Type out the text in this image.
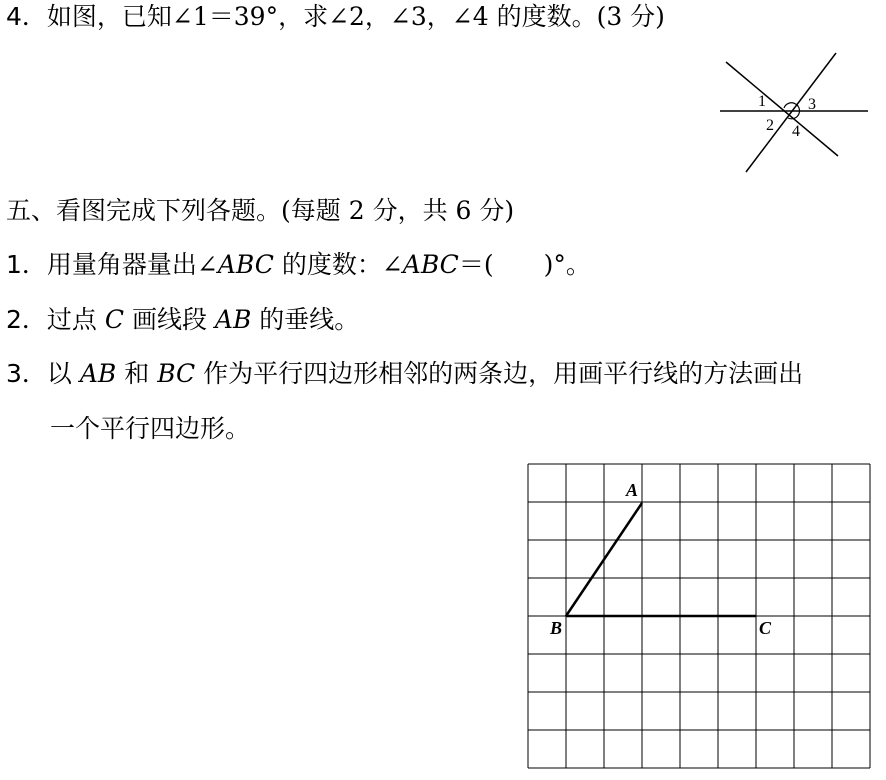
4．如图，已知∠1＝39°，求∠2，∠3，∠4 的度数。(3 分)
1	3
2 4
五、看图完成下列各题。(每题 2 分，共 6 分)
1．用量角器量出∠ABC 的度数：∠ABC＝(　　 )°。
2．过点 C 画线段 AB 的垂线。
3．以 AB 和 BC 作为平行四边形相邻的两条边，用画平行线的方法画出
一个平行四边形。
A
B	C
